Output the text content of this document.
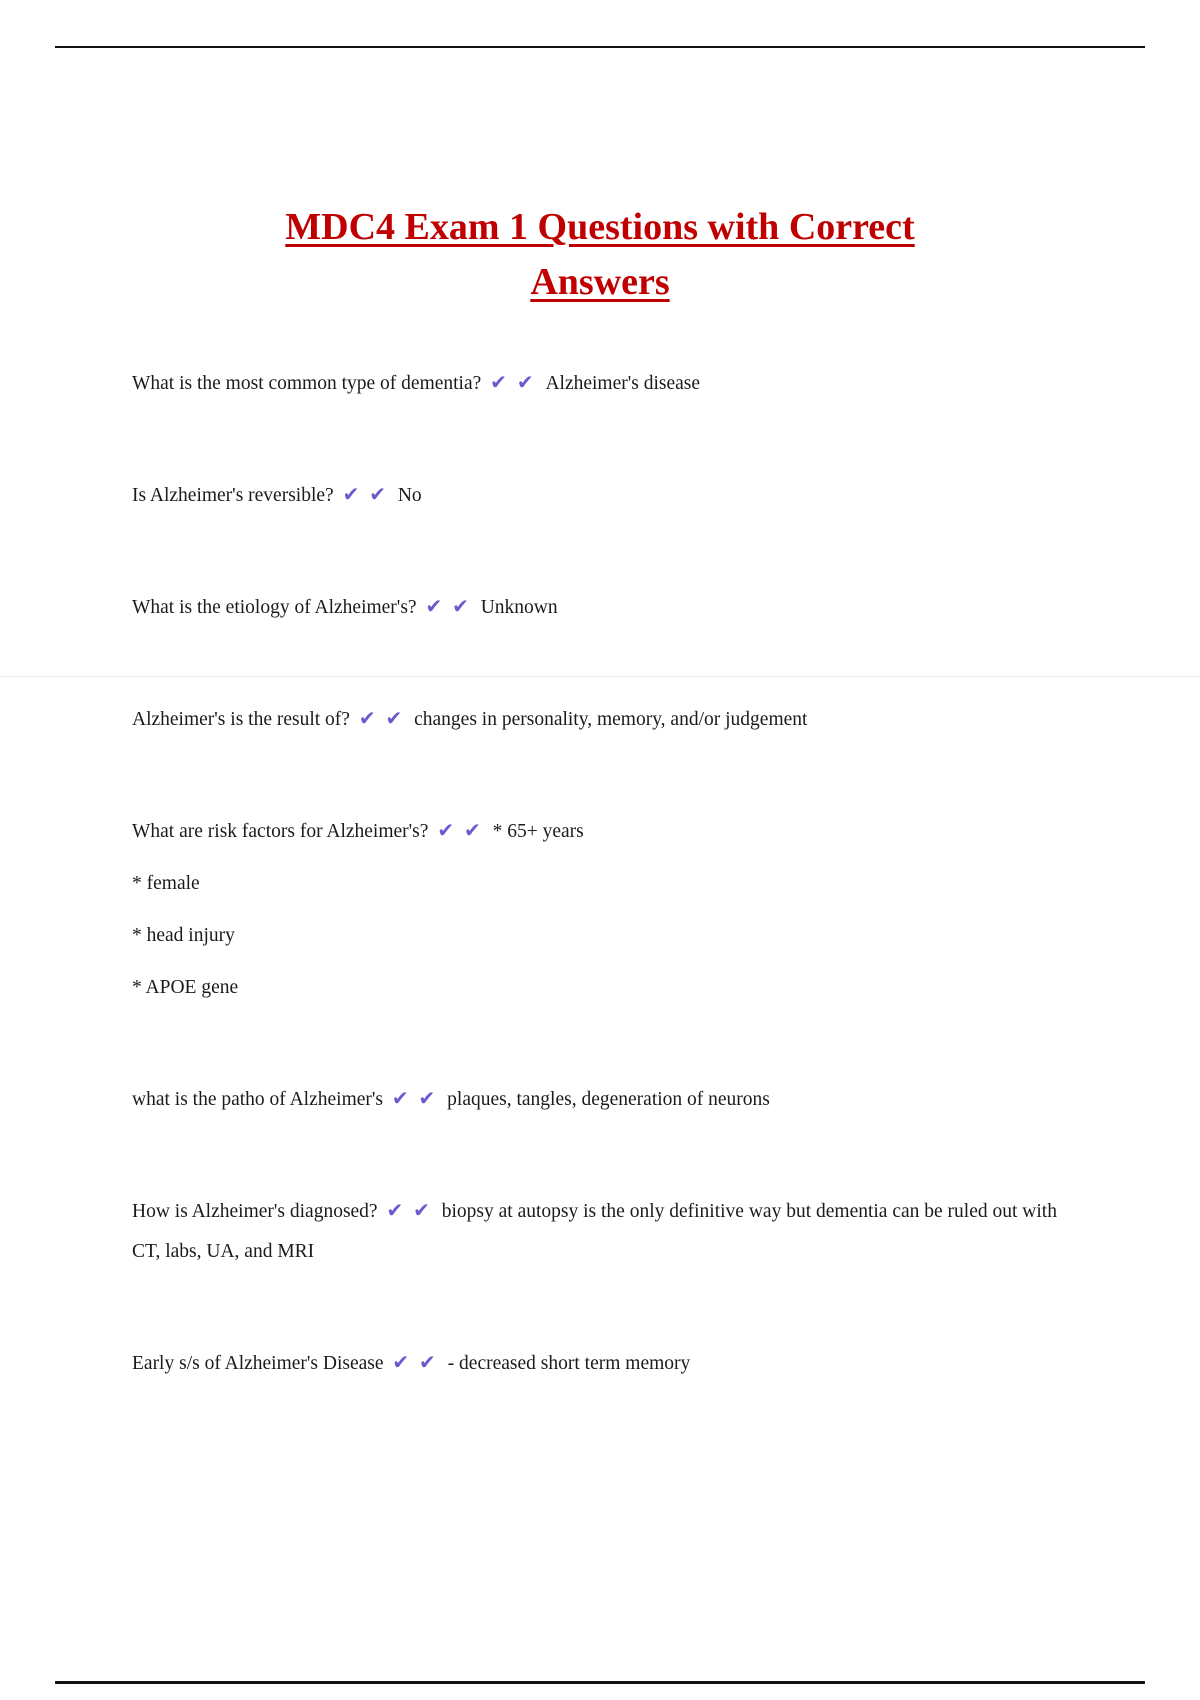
MDC4 Exam 1 Questions with Correct Answers

What is the most common type of dementia? ✔ ✔ Alzheimer's disease

Is Alzheimer's reversible? ✔ ✔ No

What is the etiology of Alzheimer's? ✔ ✔ Unknown

Alzheimer's is the result of? ✔ ✔ changes in personality, memory, and/or judgement

What are risk factors for Alzheimer's? ✔ ✔ * 65+ years

* female

* head injury

* APOE gene

what is the patho of Alzheimer's ✔ ✔ plaques, tangles, degeneration of neurons

How is Alzheimer's diagnosed? ✔ ✔ biopsy at autopsy is the only definitive way but dementia can be ruled out with CT, labs, UA, and MRI

Early s/s of Alzheimer's Disease ✔ ✔ - decreased short term memory
